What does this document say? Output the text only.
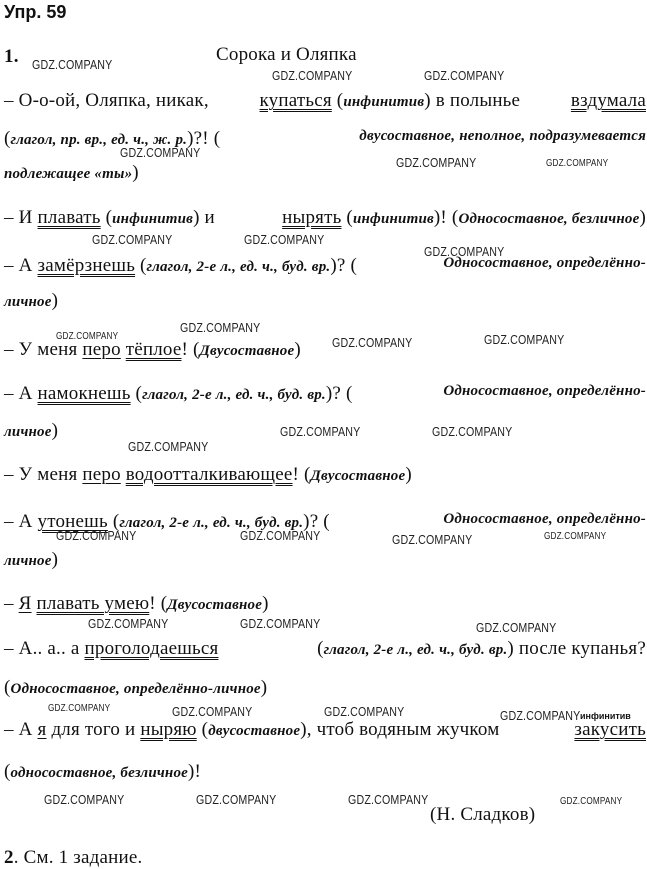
Упр. 59
1.	Сорока и Оляпка
– О-о-ой, Оляпка, никак,	купаться (инфинитив) в полынье	вздумала
(глагол, пр. вр., ед. ч., ж. р.)?! (	двусоставное, неполное, подразумевается
подлежащее «ты»)
– И плавать (инфинитив) и	нырять (инфинитив)! (Односоставное, безличное)
– А замёрзнешь (глагол, 2-е л., ед. ч., буд. вр.)? (	Односоставное, определённо-
личное)
– У меня перо тёплое! (Двусоставное)
– А намокнешь (глагол, 2-е л., ед. ч., буд. вр.)? (	Односоставное, определённо-
личное)
– У меня перо водоотталкивающее! (Двусоставное)
– А утонешь (глагол, 2-е л., ед. ч., буд. вр.)? (	Односоставное, определённо-
личное)
– Я плавать умею! (Двусоставное)
– А.. а.. а проголодаешься	(глагол, 2-е л., ед. ч., буд. вр.) после купанья?
(Односоставное, определённо-личное)
– А я для того и ныряю (двусоставное), чтоб водяным жучком	закусить
инфинитив
(односоставное, безличное)!
(Н. Сладков)
2. См. 1 задание.
GDZ.COMPANY
GDZ.COMPANY	GDZ.COMPANY
GDZ.COMPANY
GDZ.COMPANY	GDZ.COMPANY
GDZ.COMPANY	GDZ.COMPANY
GDZ.COMPANY
GDZ.COMPANY
GDZ.COMPANY	GDZ.COMPANY	GDZ.COMPANY
GDZ.COMPANY	GDZ.COMPANY
GDZ.COMPANY
GDZ.COMPANY	GDZ.COMPANY	GDZ.COMPANY	GDZ.COMPANY
GDZ.COMPANY	GDZ.COMPANY	GDZ.COMPANY
GDZ.COMPANY	GDZ.COMPANY	GDZ.COMPANY	GDZ.COMPANY
GDZ.COMPANY	GDZ.COMPANY	GDZ.COMPANY	GDZ.COMPANY
